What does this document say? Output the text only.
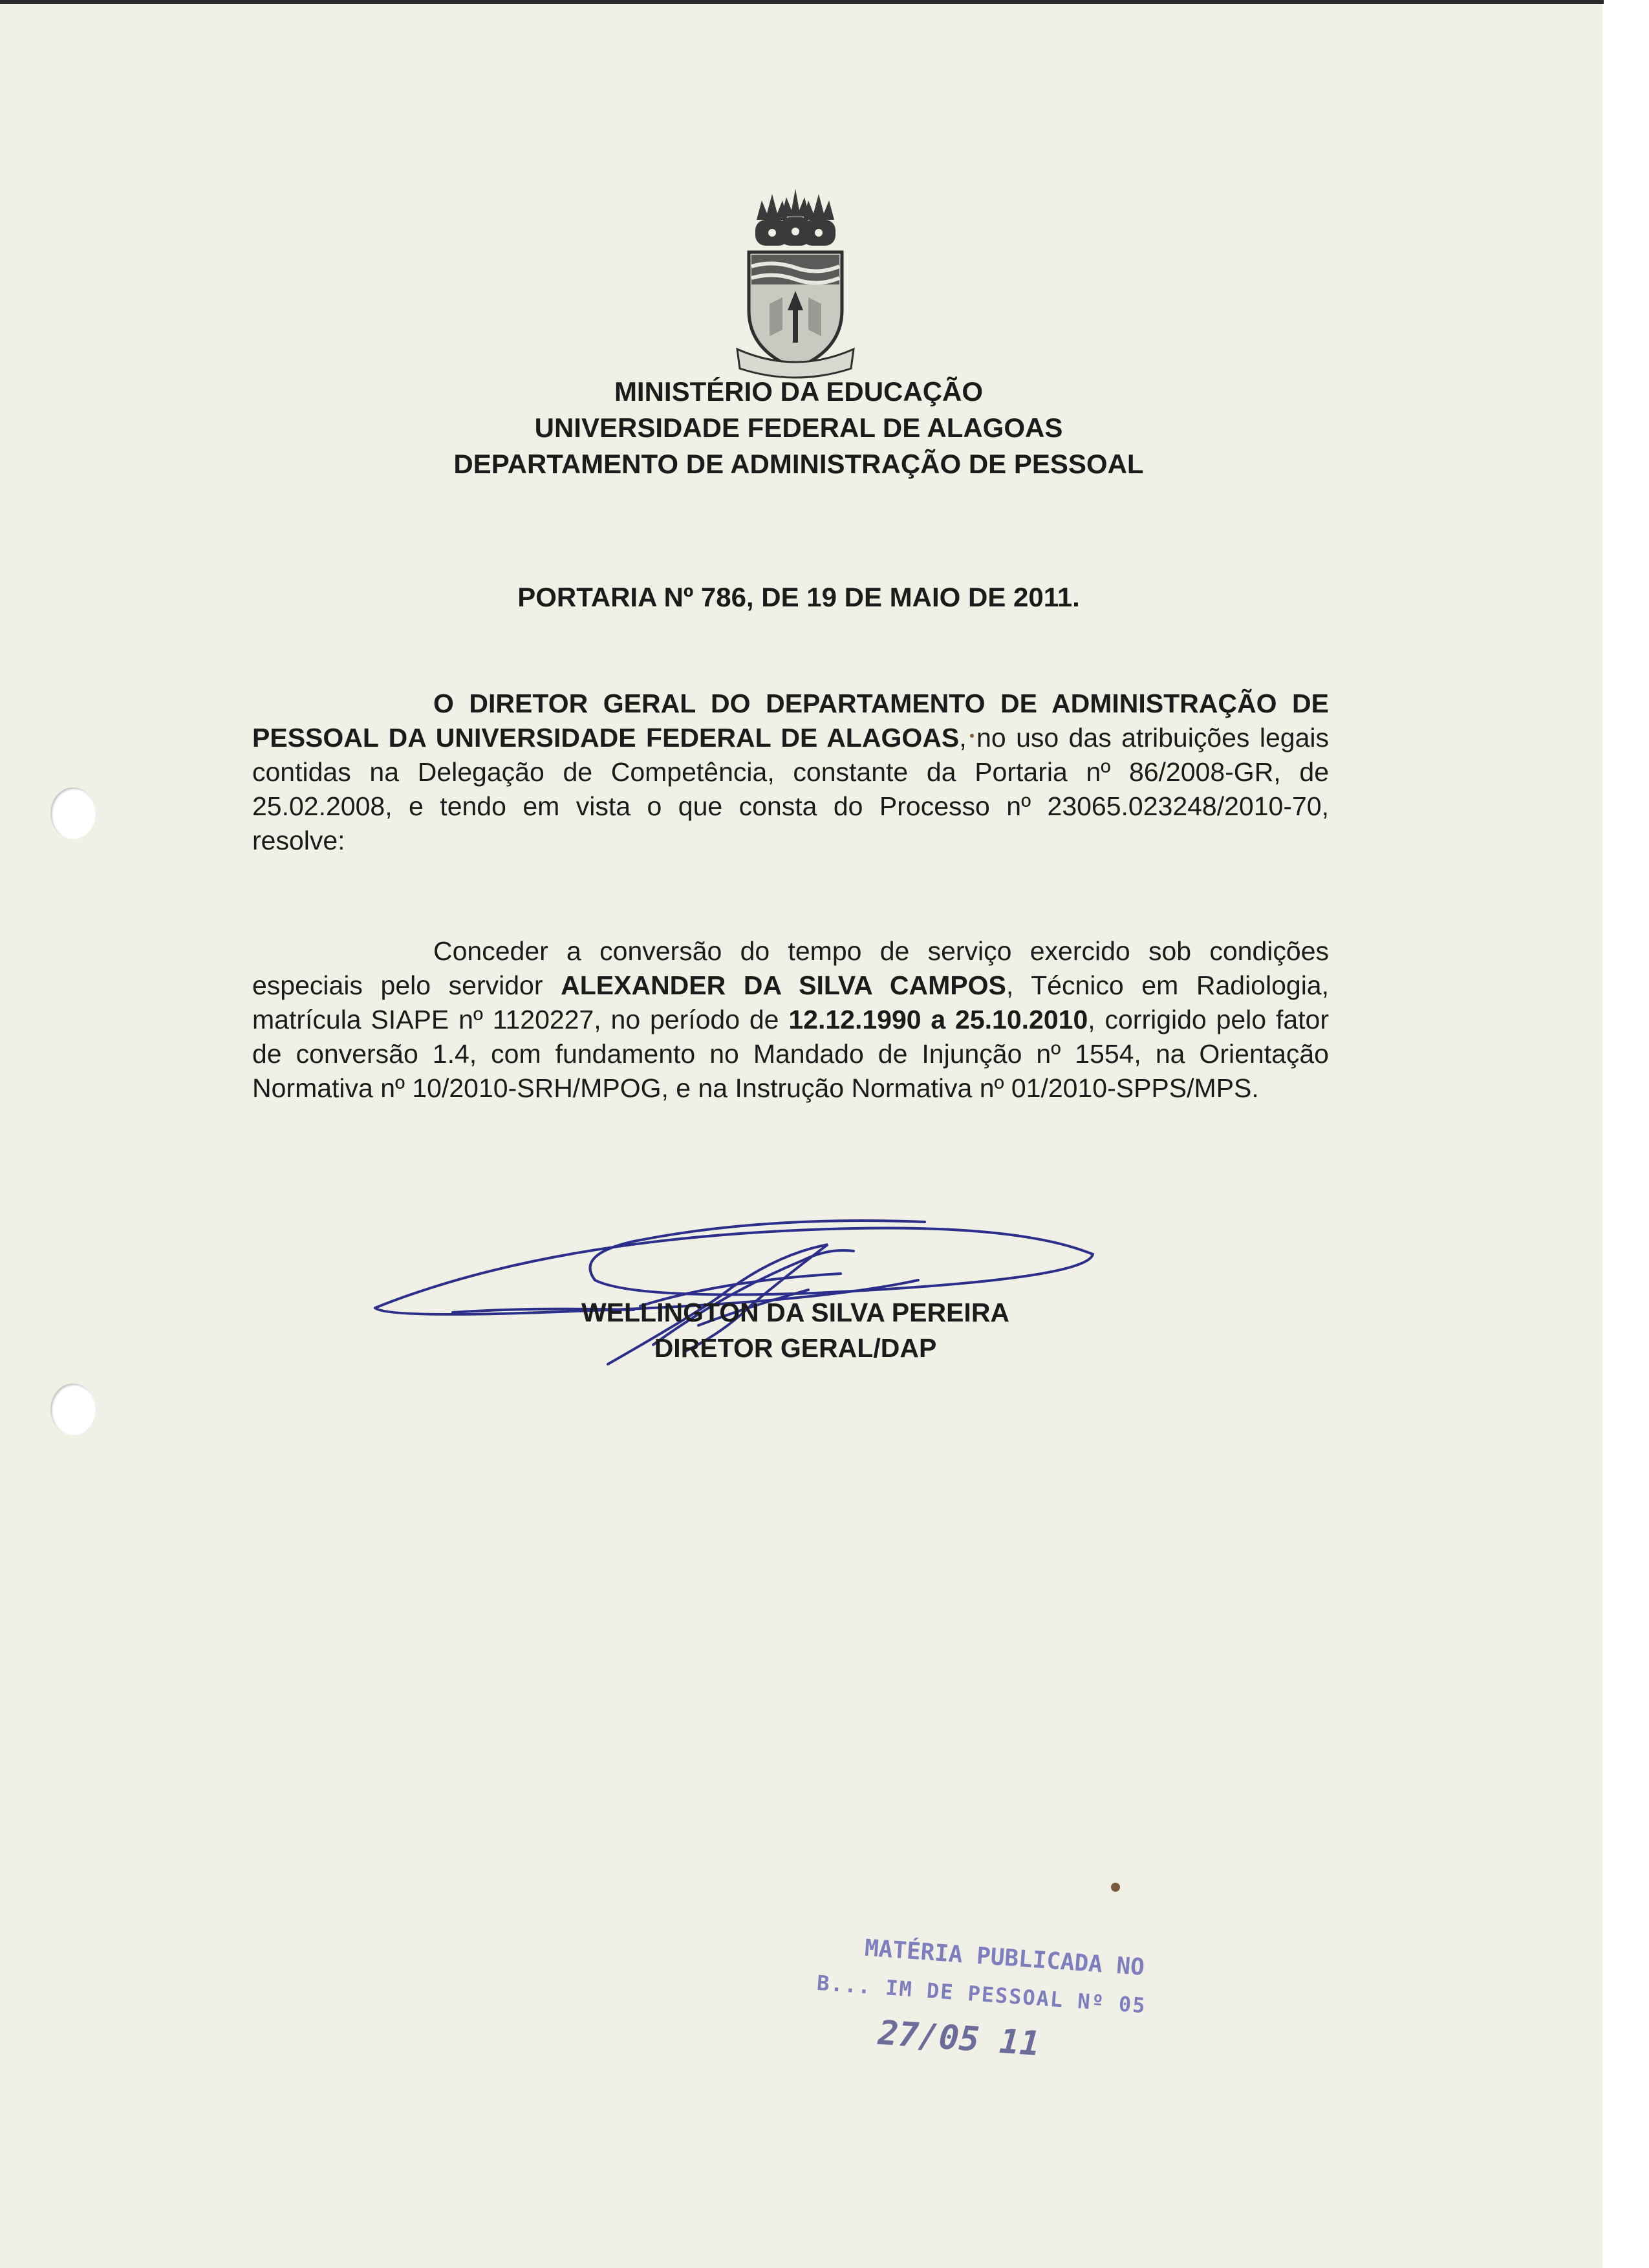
MINISTÉRIO DA EDUCAÇÃO
UNIVERSIDADE FEDERAL DE ALAGOAS
DEPARTAMENTO DE ADMINISTRAÇÃO DE PESSOAL
PORTARIA Nº 786, DE 19 DE MAIO DE 2011.
O DIRETOR GERAL DO DEPARTAMENTO DE ADMINISTRAÇÃO DE PESSOAL DA UNIVERSIDADE FEDERAL DE ALAGOAS, no uso das atribuições legais contidas na Delegação de Competência, constante da Portaria nº 86/2008-GR, de 25.02.2008, e tendo em vista o que consta do Processo nº 23065.023248/2010-70, resolve:
Conceder a conversão do tempo de serviço exercido sob condições especiais pelo servidor ALEXANDER DA SILVA CAMPOS, Técnico em Radiologia, matrícula SIAPE nº 1120227, no período de 12.12.1990 a 25.10.2010, corrigido pelo fator de conversão 1.4, com fundamento no Mandado de Injunção nº 1554, na Orientação Normativa nº 10/2010-SRH/MPOG, e na Instrução Normativa nº 01/2010-SPPS/MPS.
WELLINGTON DA SILVA PEREIRA
DIRETOR GERAL/DAP
MATÉRIA PUBLICADA NO
B... IM DE PESSOAL Nº 05
27/05 11
